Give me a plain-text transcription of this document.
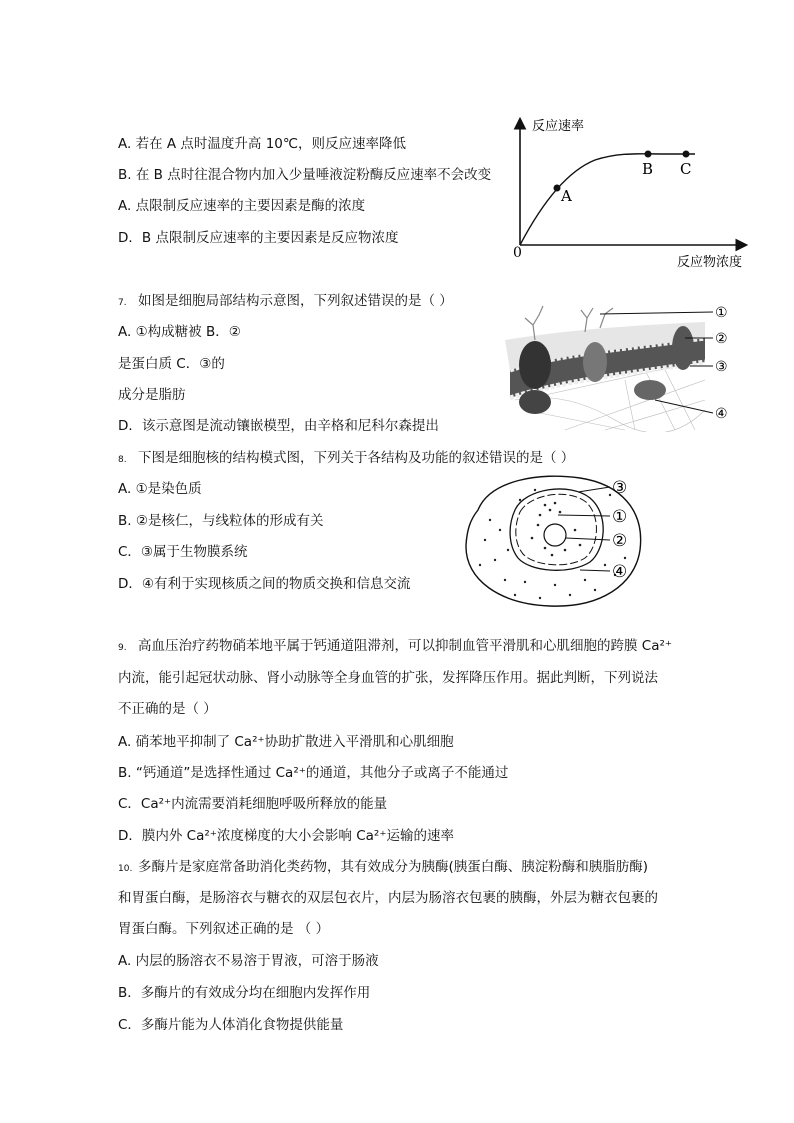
A. 若在 A 点时温度升高 10℃，则反应速率降低
B. 在 B 点时往混合物内加入少量唾液淀粉酶反应速率不会改变
A. 点限制反应速率的主要因素是酶的浓度
D．B 点限制反应速率的主要因素是反应物浓度
反应速率
反应物浓度
0
A
B C
7. 如图是细胞局部结构示意图，下列叙述错误的是（ ）
A. ①构成糖被 B．②
是蛋白质 C．③的
成分是脂肪
D．该示意图是流动镶嵌模型，由辛格和尼科尔森提出
①
②
③
④
8. 下图是细胞核的结构模式图，下列关于各结构及功能的叙述错误的是（ ）
A. ①是染色质
B. ②是核仁，与线粒体的形成有关
C．③属于生物膜系统
D．④有利于实现核质之间的物质交换和信息交流
③
①
②
④
9. 高血压治疗药物硝苯地平属于钙通道阻滞剂，可以抑制血管平滑肌和心肌细胞的跨膜 Ca²⁺
内流，能引起冠状动脉、肾小动脉等全身血管的扩张，发挥降压作用。据此判断，下列说法
不正确的是（ ）
A. 硝苯地平抑制了 Ca²⁺协助扩散进入平滑肌和心肌细胞
B. “钙通道”是选择性通过 Ca²⁺的通道，其他分子或离子不能通过
C．Ca²⁺内流需要消耗细胞呼吸所释放的能量
D．膜内外 Ca²⁺浓度梯度的大小会影响 Ca²⁺运输的速率
10. 多酶片是家庭常备助消化类药物，其有效成分为胰酶(胰蛋白酶、胰淀粉酶和胰脂肪酶)
和胃蛋白酶，是肠溶衣与糖衣的双层包衣片，内层为肠溶衣包裹的胰酶，外层为糖衣包裹的
胃蛋白酶。下列叙述正确的是 （ ）
A. 内层的肠溶衣不易溶于胃液，可溶于肠液
B．多酶片的有效成分均在细胞内发挥作用
C．多酶片能为人体消化食物提供能量
